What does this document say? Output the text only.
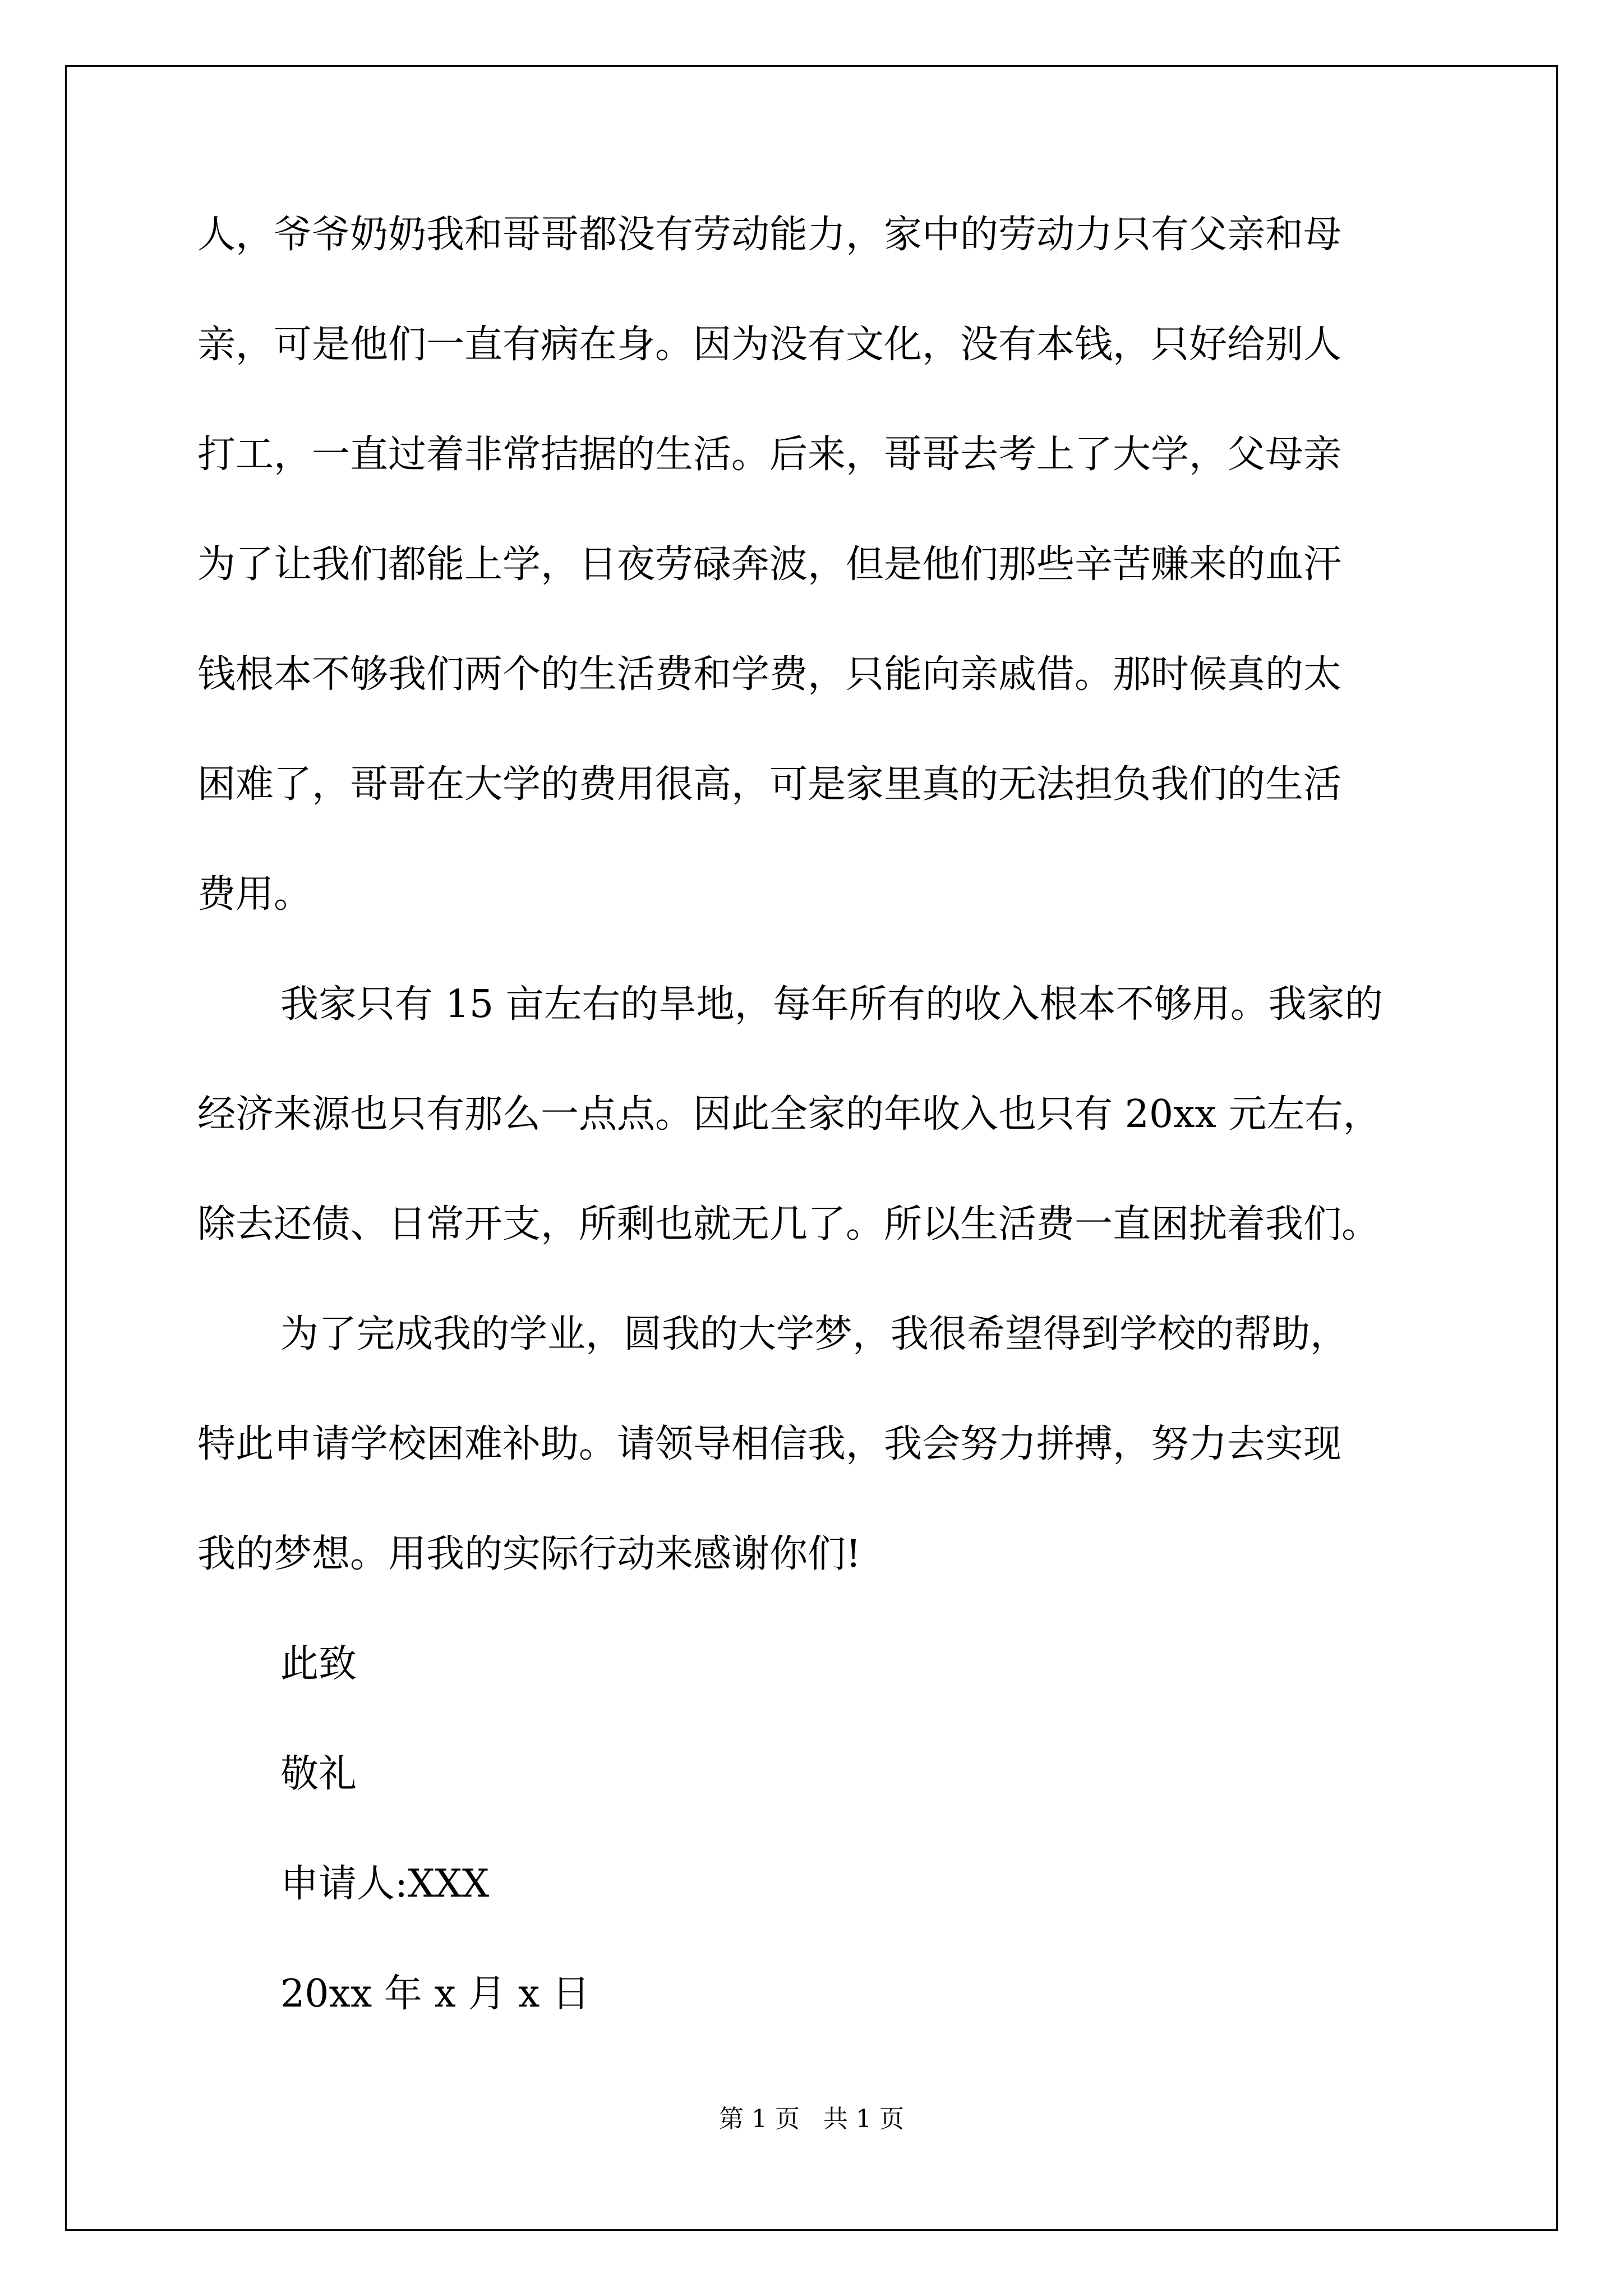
人，爷爷奶奶我和哥哥都没有劳动能力，家中的劳动力只有父亲和母
亲，可是他们一直有病在身。因为没有文化，没有本钱，只好给别人
打工，一直过着非常拮据的生活。后来，哥哥去考上了大学，父母亲
为了让我们都能上学，日夜劳碌奔波，但是他们那些辛苦赚来的血汗
钱根本不够我们两个的生活费和学费，只能向亲戚借。那时候真的太
困难了，哥哥在大学的费用很高，可是家里真的无法担负我们的生活
费用。
我家只有 15 亩左右的旱地，每年所有的收入根本不够用。我家的
经济来源也只有那么一点点。因此全家的年收入也只有 20xx 元左右，
除去还债、日常开支，所剩也就无几了。所以生活费一直困扰着我们。
为了完成我的学业，圆我的大学梦，我很希望得到学校的帮助，
特此申请学校困难补助。请领导相信我，我会努力拼搏，努力去实现
我的梦想。用我的实际行动来感谢你们!
此致
敬礼
申请人:XXX
20xx 年 x 月 x 日
第 1 页   共 1 页
